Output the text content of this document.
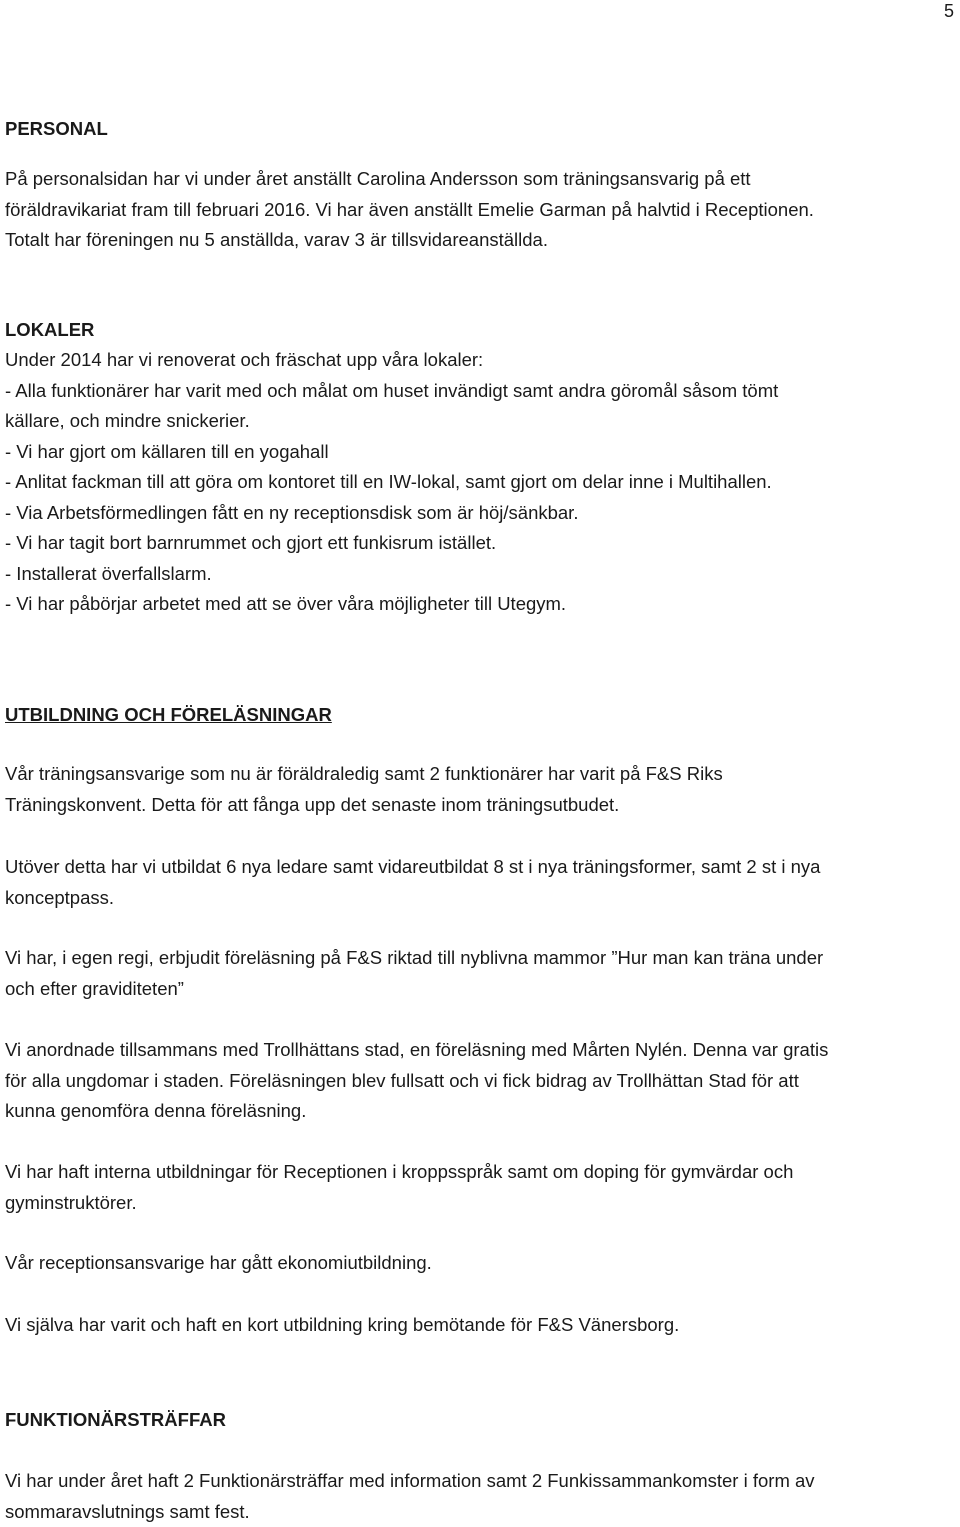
5
PERSONAL

På personalsidan har vi under året anställt Carolina Andersson som träningsansvarig på ett

föräldravikariat fram till februari 2016. Vi har även anställt Emelie Garman på halvtid i Receptionen.

Totalt har föreningen nu 5 anställda, varav 3 är tillsvidareanställda.

LOKALER

Under 2014 har vi renoverat och fräschat upp våra lokaler:

- Alla funktionärer har varit med och målat om huset invändigt samt andra göromål såsom tömt

källare, och mindre snickerier.

- Vi har gjort om källaren till en yogahall

- Anlitat fackman till att göra om kontoret till en IW-lokal, samt gjort om delar inne i Multihallen.

- Via Arbetsförmedlingen fått en ny receptionsdisk som är höj/sänkbar.

- Vi har tagit bort barnrummet och gjort ett funkisrum istället.

- Installerat överfallslarm.

- Vi har påbörjar arbetet med att se över våra möjligheter till Utegym.

UTBILDNING OCH FÖRELÄSNINGAR

Vår träningsansvarige som nu är föräldraledig samt 2 funktionärer har varit på F&S Riks

Träningskonvent. Detta för att fånga upp det senaste inom träningsutbudet.

Utöver detta har vi utbildat 6 nya ledare samt vidareutbildat 8 st i nya träningsformer, samt 2 st i nya

konceptpass.

Vi har, i egen regi, erbjudit föreläsning på F&S riktad till nyblivna mammor ”Hur man kan träna under

och efter graviditeten”

Vi anordnade tillsammans med Trollhättans stad, en föreläsning med Mårten Nylén. Denna var gratis

för alla ungdomar i staden. Föreläsningen blev fullsatt och vi fick bidrag av Trollhättan Stad för att

kunna genomföra denna föreläsning.

Vi har haft interna utbildningar för Receptionen i kroppsspråk samt om doping för gymvärdar och

gyminstruktörer.

Vår receptionsansvarige har gått ekonomiutbildning.

Vi själva har varit och haft en kort utbildning kring bemötande för F&S Vänersborg.

FUNKTIONÄRSTRÄFFAR

Vi har under året haft 2 Funktionärsträffar med information samt 2 Funkissammankomster i form av

sommaravslutnings samt fest.
